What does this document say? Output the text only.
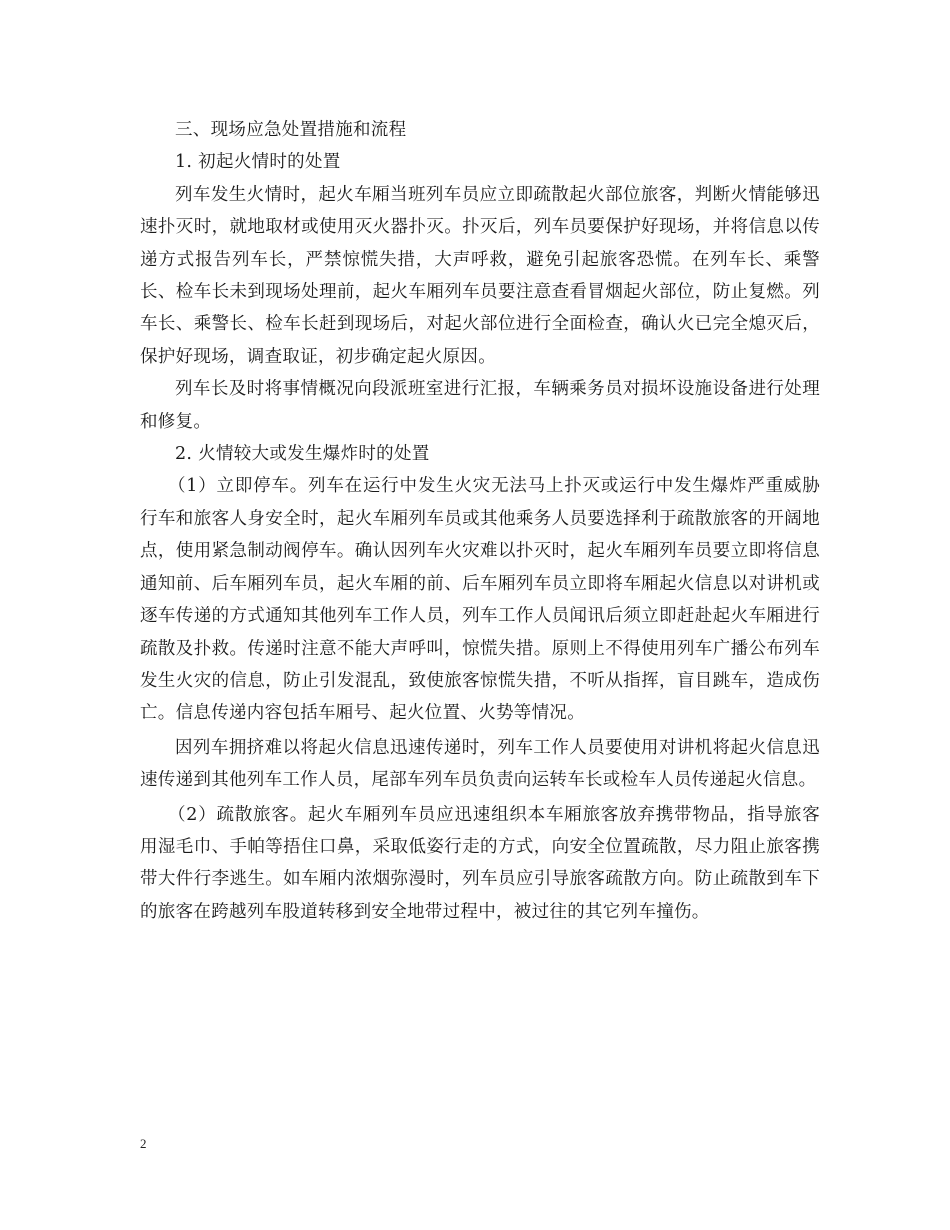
三、现场应急处置措施和流程

1. 初起火情时的处置

列车发生火情时，起火车厢当班列车员应立即疏散起火部位旅客，判断火情能够迅速扑灭时，就地取材或使用灭火器扑灭。扑灭后，列车员要保护好现场，并将信息以传递方式报告列车长，严禁惊慌失措，大声呼救，避免引起旅客恐慌。在列车长、乘警长、检车长未到现场处理前，起火车厢列车员要注意查看冒烟起火部位，防止复燃。列车长、乘警长、检车长赶到现场后，对起火部位进行全面检查，确认火已完全熄灭后，保护好现场，调查取证，初步确定起火原因。

列车长及时将事情概况向段派班室进行汇报，车辆乘务员对损坏设施设备进行处理和修复。

2. 火情较大或发生爆炸时的处置

（1）立即停车。列车在运行中发生火灾无法马上扑灭或运行中发生爆炸严重威胁行车和旅客人身安全时，起火车厢列车员或其他乘务人员要选择利于疏散旅客的开阔地点，使用紧急制动阀停车。确认因列车火灾难以扑灭时，起火车厢列车员要立即将信息通知前、后车厢列车员，起火车厢的前、后车厢列车员立即将车厢起火信息以对讲机或逐车传递的方式通知其他列车工作人员，列车工作人员闻讯后须立即赶赴起火车厢进行疏散及扑救。传递时注意不能大声呼叫，惊慌失措。原则上不得使用列车广播公布列车发生火灾的信息，防止引发混乱，致使旅客惊慌失措，不听从指挥，盲目跳车，造成伤亡。信息传递内容包括车厢号、起火位置、火势等情况。

因列车拥挤难以将起火信息迅速传递时，列车工作人员要使用对讲机将起火信息迅速传递到其他列车工作人员，尾部车列车员负责向运转车长或检车人员传递起火信息。

（2）疏散旅客。起火车厢列车员应迅速组织本车厢旅客放弃携带物品，指导旅客用湿毛巾、手帕等捂住口鼻，采取低姿行走的方式，向安全位置疏散，尽力阻止旅客携带大件行李逃生。如车厢内浓烟弥漫时，列车员应引导旅客疏散方向。防止疏散到车下的旅客在跨越列车股道转移到安全地带过程中，被过往的其它列车撞伤。

2
